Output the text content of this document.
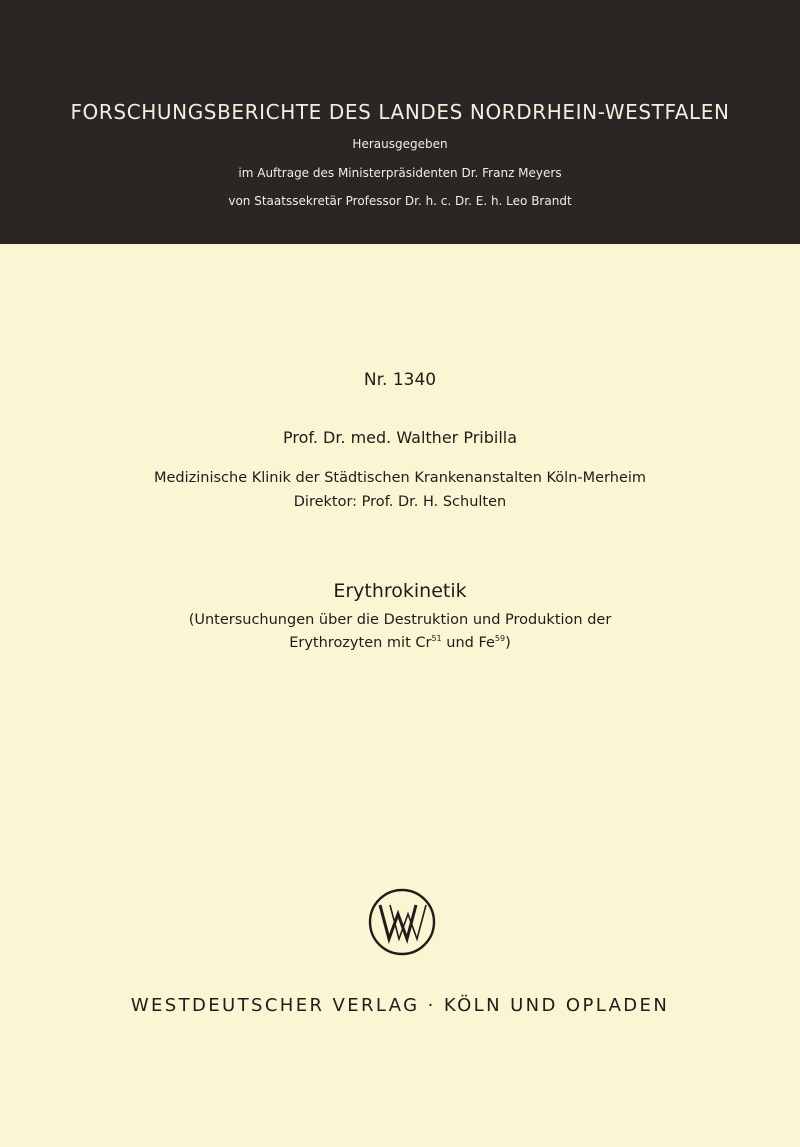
FORSCHUNGSBERICHTE DES LANDES NORDRHEIN-WESTFALEN
Herausgegeben
im Auftrage des Ministerpräsidenten Dr. Franz Meyers
von Staatssekretär Professor Dr. h. c. Dr. E. h. Leo Brandt
Nr. 1340
Prof. Dr. med. Walther Pribilla
Medizinische Klinik der Städtischen Krankenanstalten Köln-Merheim
Direktor: Prof. Dr. H. Schulten
Erythrokinetik
(Untersuchungen über die Destruktion und Produktion der
Erythrozyten mit Cr$^{51}$ und Fe$^{59}$)
WESTDEUTSCHER VERLAG · KÖLN UND OPLADEN
